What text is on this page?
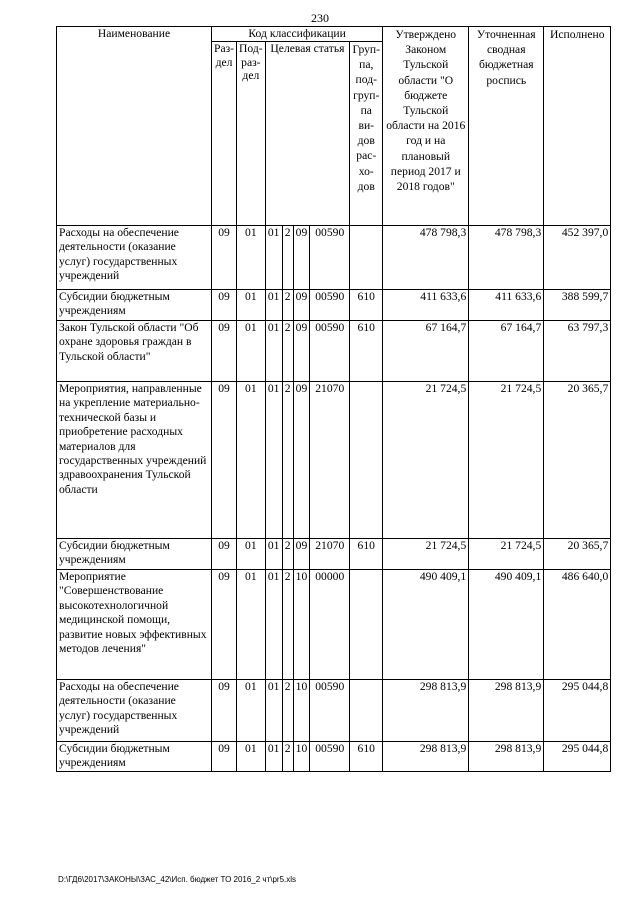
230
Наименование	Код классификации							Утверждено Законом Тульской области "О бюджете Тульской области на 2016 год и на плановый период 2017 и 2018 годов"	Уточненная сводная бюджетная роспись	Исполнено
	Раз-дел	Под-раз-дел	Целевая статья				Груп-па, под-груп-па ви-дов рас-хо-дов			
Расходы на обеспечение деятельности (оказание услуг) государственных учреждений	09	01	01	2	09	00590		478 798,3	478 798,3	452 397,0
Субсидии бюджетным учреждениям	09	01	01	2	09	00590	610	411 633,6	411 633,6	388 599,7
Закон Тульской области "Об охране здоровья граждан в Тульской области"	09	01	01	2	09	00590	610	67 164,7	67 164,7	63 797,3
Мероприятия, направленные на укрепление материально-технической базы и приобретение расходных материалов для государственных учреждений здравоохранения Тульской области	09	01	01	2	09	21070		21 724,5	21 724,5	20 365,7
Субсидии бюджетным учреждениям	09	01	01	2	09	21070	610	21 724,5	21 724,5	20 365,7
Мероприятие "Совершенствование высокотехнологичной медицинской помощи, развитие новых эффективных методов лечения"	09	01	01	2	10	00000		490 409,1	490 409,1	486 640,0
Расходы на обеспечение деятельности (оказание услуг) государственных учреждений	09	01	01	2	10	00590		298 813,9	298 813,9	295 044,8
Субсидии бюджетным учреждениям	09	01	01	2	10	00590	610	298 813,9	298 813,9	295 044,8
D:\ГД6\2017\ЗАКОНЫ\ЗАС_42\Исп. бюджет ТО 2016_2 чт\рr5.xls
